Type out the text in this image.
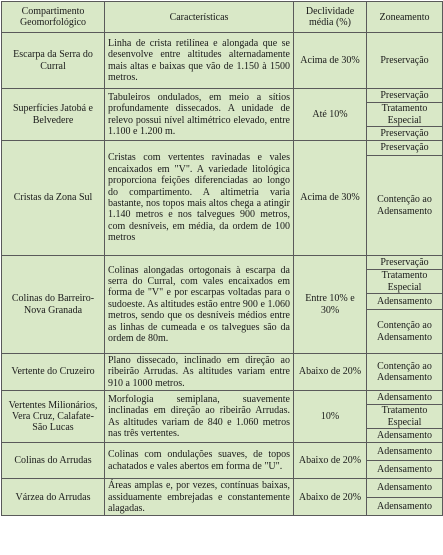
Compartimento Geomorfológico	Características	Declividade média (%)	Zoneamento
Escarpa da Serra do Curral	Linha de crista retilínea e alongada que se desenvolve entre altitudes alternadamente mais altas e baixas que vão de 1.150 à 1500 metros.	Acima de 30%	Preservação
Superfícies Jatobá e Belvedere	Tabuleiros ondulados, em meio a sítios profundamente dissecados. A unidade de relevo possui nível altimétrico elevado, entre 1.100 e 1.200 m.	Até 10%	Preservação
			Tratamento Especial
			Preservação
Cristas da Zona Sul	Cristas com vertentes ravinadas e vales encaixados em "V". A variedade litológica proporciona feições diferenciadas ao longo do compartimento. A altimetria varia bastante, nos topos mais altos chega a atingir 1.140 metros e nos talvegues 900 metros, com desníveis, em média, da ordem de 100 metros	Acima de 30%	Preservação
			Contenção ao Adensamento
Colinas do Barreiro-Nova Granada	Colinas alongadas ortogonais à escarpa da serra do Curral, com vales encaixados em forma de "V" e por escarpas voltadas para o sudoeste. As altitudes estão entre 900 e 1.060 metros, sendo que os desníveis médios entre as linhas de cumeada e os talvegues são da ordem de 80m.	Entre 10% e 30%	Preservação
			Tratamento Especial
			Adensamento
			Contenção ao Adensamento
Vertente do Cruzeiro	Plano dissecado, inclinado em direção ao ribeirão Arrudas. As altitudes variam entre 910 a 1000 metros.	Abaixo de 20%	Contenção ao Adensamento
Vertentes Milionários, Vera Cruz, Calafate-São Lucas	Morfologia semiplana, suavemente inclinadas em direção ao ribeirão Arrudas. As altitudes variam de 840 e 1.060 metros nas três vertentes.	10%	Adensamento
			Tratamento Especial
			Adensamento
Colinas do Arrudas	Colinas com ondulações suaves, de topos achatados e vales abertos em forma de "U".	Abaixo de 20%	Adensamento
			Adensamento
Várzea do Arrudas	Áreas amplas e, por vezes, contínuas baixas, assiduamente embrejadas e constantemente alagadas.	Abaixo de 20%	Adensamento
			Adensamento
